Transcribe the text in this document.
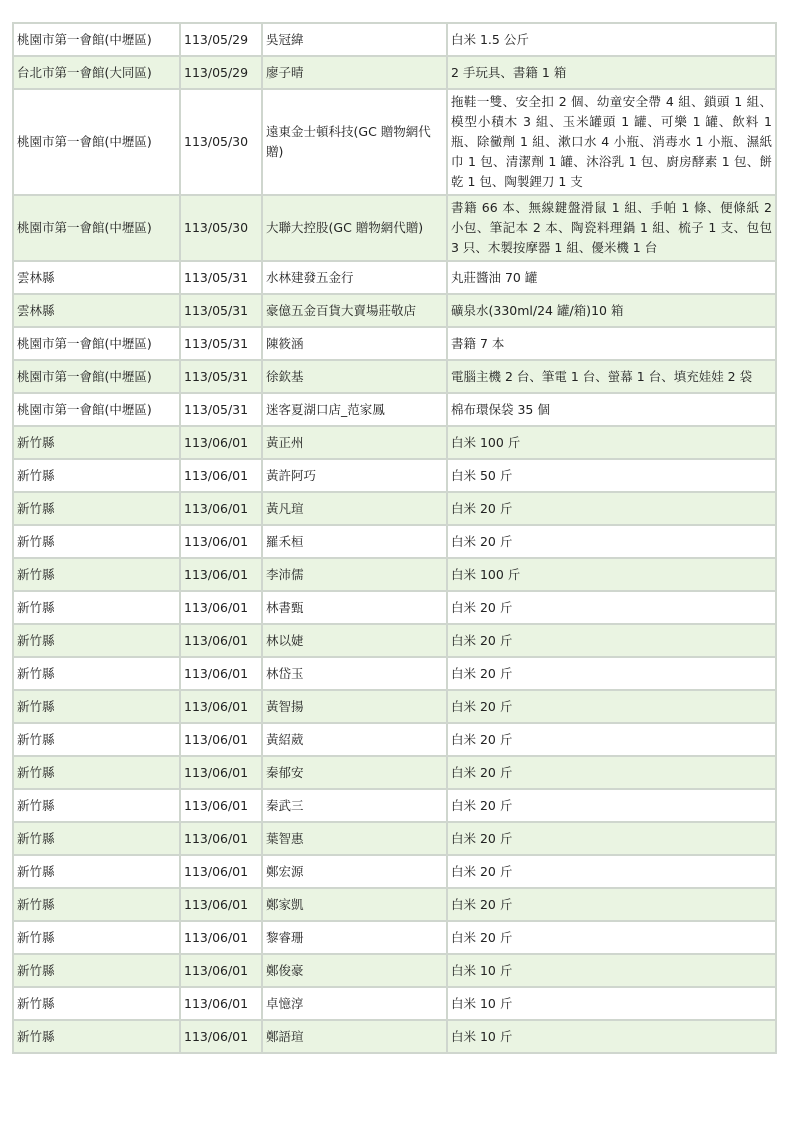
桃園市第一會館(中壢區)	113/05/29	吳冠緯	白米 1.5 公斤
台北市第一會館(大同區)	113/05/29	廖子晴	2 手玩具、書籍 1 箱
桃園市第一會館(中壢區)	113/05/30	遠東金士頓科技(GC 贈物網代贈)	拖鞋一雙、安全扣 2 個、幼童安全帶 4 組、鎖頭 1 組、模型小積木 3 組、玉米罐頭 1 罐、可樂 1 罐、飲料 1 瓶、除黴劑 1 組、漱口水 4 小瓶、消毒水 1 小瓶、濕紙巾 1 包、清潔劑 1 罐、沐浴乳 1 包、廚房酵素 1 包、餅乾 1 包、陶製鋰刀 1 支
桃園市第一會館(中壢區)	113/05/30	大聯大控股(GC 贈物網代贈)	書籍 66 本、無線鍵盤滑鼠 1 組、手帕 1 條、便條紙 2 小包、筆記本 2 本、陶瓷料理鍋 1 組、梳子 1 支、包包 3 只、木製按摩器 1 組、優米機 1 台
雲林縣	113/05/31	水林建發五金行	丸莊醬油 70 罐
雲林縣	113/05/31	豪億五金百貨大賣場莊敬店	礦泉水(330ml/24 罐/箱)10 箱
桃園市第一會館(中壢區)	113/05/31	陳筱涵	書籍 7 本
桃園市第一會館(中壢區)	113/05/31	徐欽基	電腦主機 2 台、筆電 1 台、螢幕 1 台、填充娃娃 2 袋
桃園市第一會館(中壢區)	113/05/31	迷客夏湖口店_范家鳳	棉布環保袋 35 個
新竹縣	113/06/01	黃正州	白米 100 斤
新竹縣	113/06/01	黃許阿巧	白米 50 斤
新竹縣	113/06/01	黃凡瑄	白米 20 斤
新竹縣	113/06/01	羅禾桓	白米 20 斤
新竹縣	113/06/01	李沛儒	白米 100 斤
新竹縣	113/06/01	林書甄	白米 20 斤
新竹縣	113/06/01	林以婕	白米 20 斤
新竹縣	113/06/01	林岱玉	白米 20 斤
新竹縣	113/06/01	黃智揚	白米 20 斤
新竹縣	113/06/01	黃紹葳	白米 20 斤
新竹縣	113/06/01	秦郁安	白米 20 斤
新竹縣	113/06/01	秦武三	白米 20 斤
新竹縣	113/06/01	葉智惠	白米 20 斤
新竹縣	113/06/01	鄭宏源	白米 20 斤
新竹縣	113/06/01	鄭家凱	白米 20 斤
新竹縣	113/06/01	黎睿珊	白米 20 斤
新竹縣	113/06/01	鄭俊豪	白米 10 斤
新竹縣	113/06/01	卓憶淳	白米 10 斤
新竹縣	113/06/01	鄭語瑄	白米 10 斤
